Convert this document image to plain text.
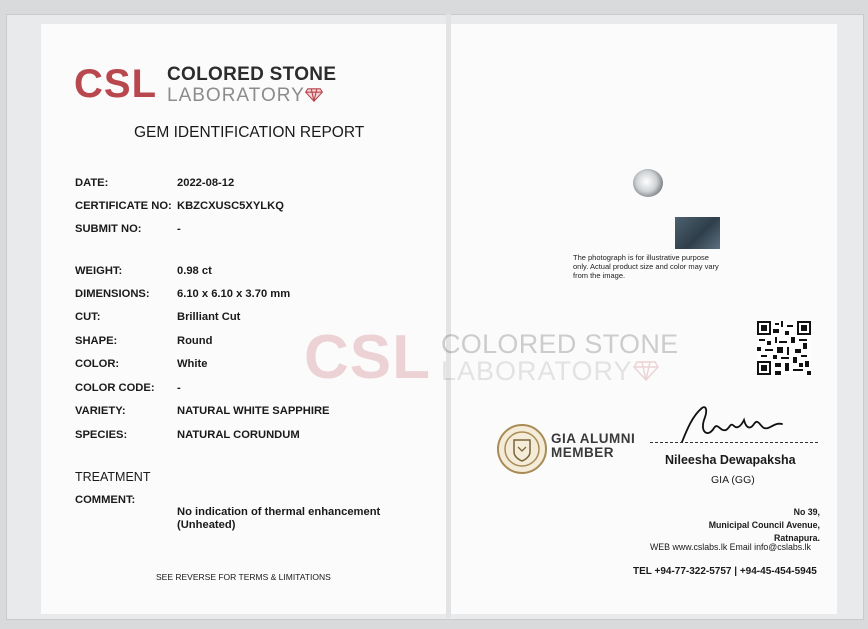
CSL COLORED STONE
LABORATORY
CSL COLORED STONE
LABORATORY
GEM IDENTIFICATION REPORT
DATE:	2022-08-12
CERTIFICATE NO: KBZCXUSC5XYLKQ
SUBMIT NO:	-
WEIGHT:	0.98 ct
DIMENSIONS:	6.10 x 6.10 x 3.70 mm
CUT:	Brilliant Cut
SHAPE:	Round
COLOR:	White
COLOR CODE:	-
VARIETY:	NATURAL WHITE SAPPHIRE
SPECIES:	NATURAL CORUNDUM
TREATMENT
COMMENT:
No indication of thermal enhancement (Unheated)
SEE REVERSE FOR TERMS & LIMITATIONS
The photograph is for illustrative purpose only. Actual product size and color may vary from the image.
GIA ALUMNI
MEMBER	Nileesha Dewapaksha
GIA (GG)
No 39,
Municipal Council Avenue,
Ratnapura.
WEB www.cslabs.lk Email info@cslabs.lk
TEL +94-77-322-5757 | +94-45-454-5945
